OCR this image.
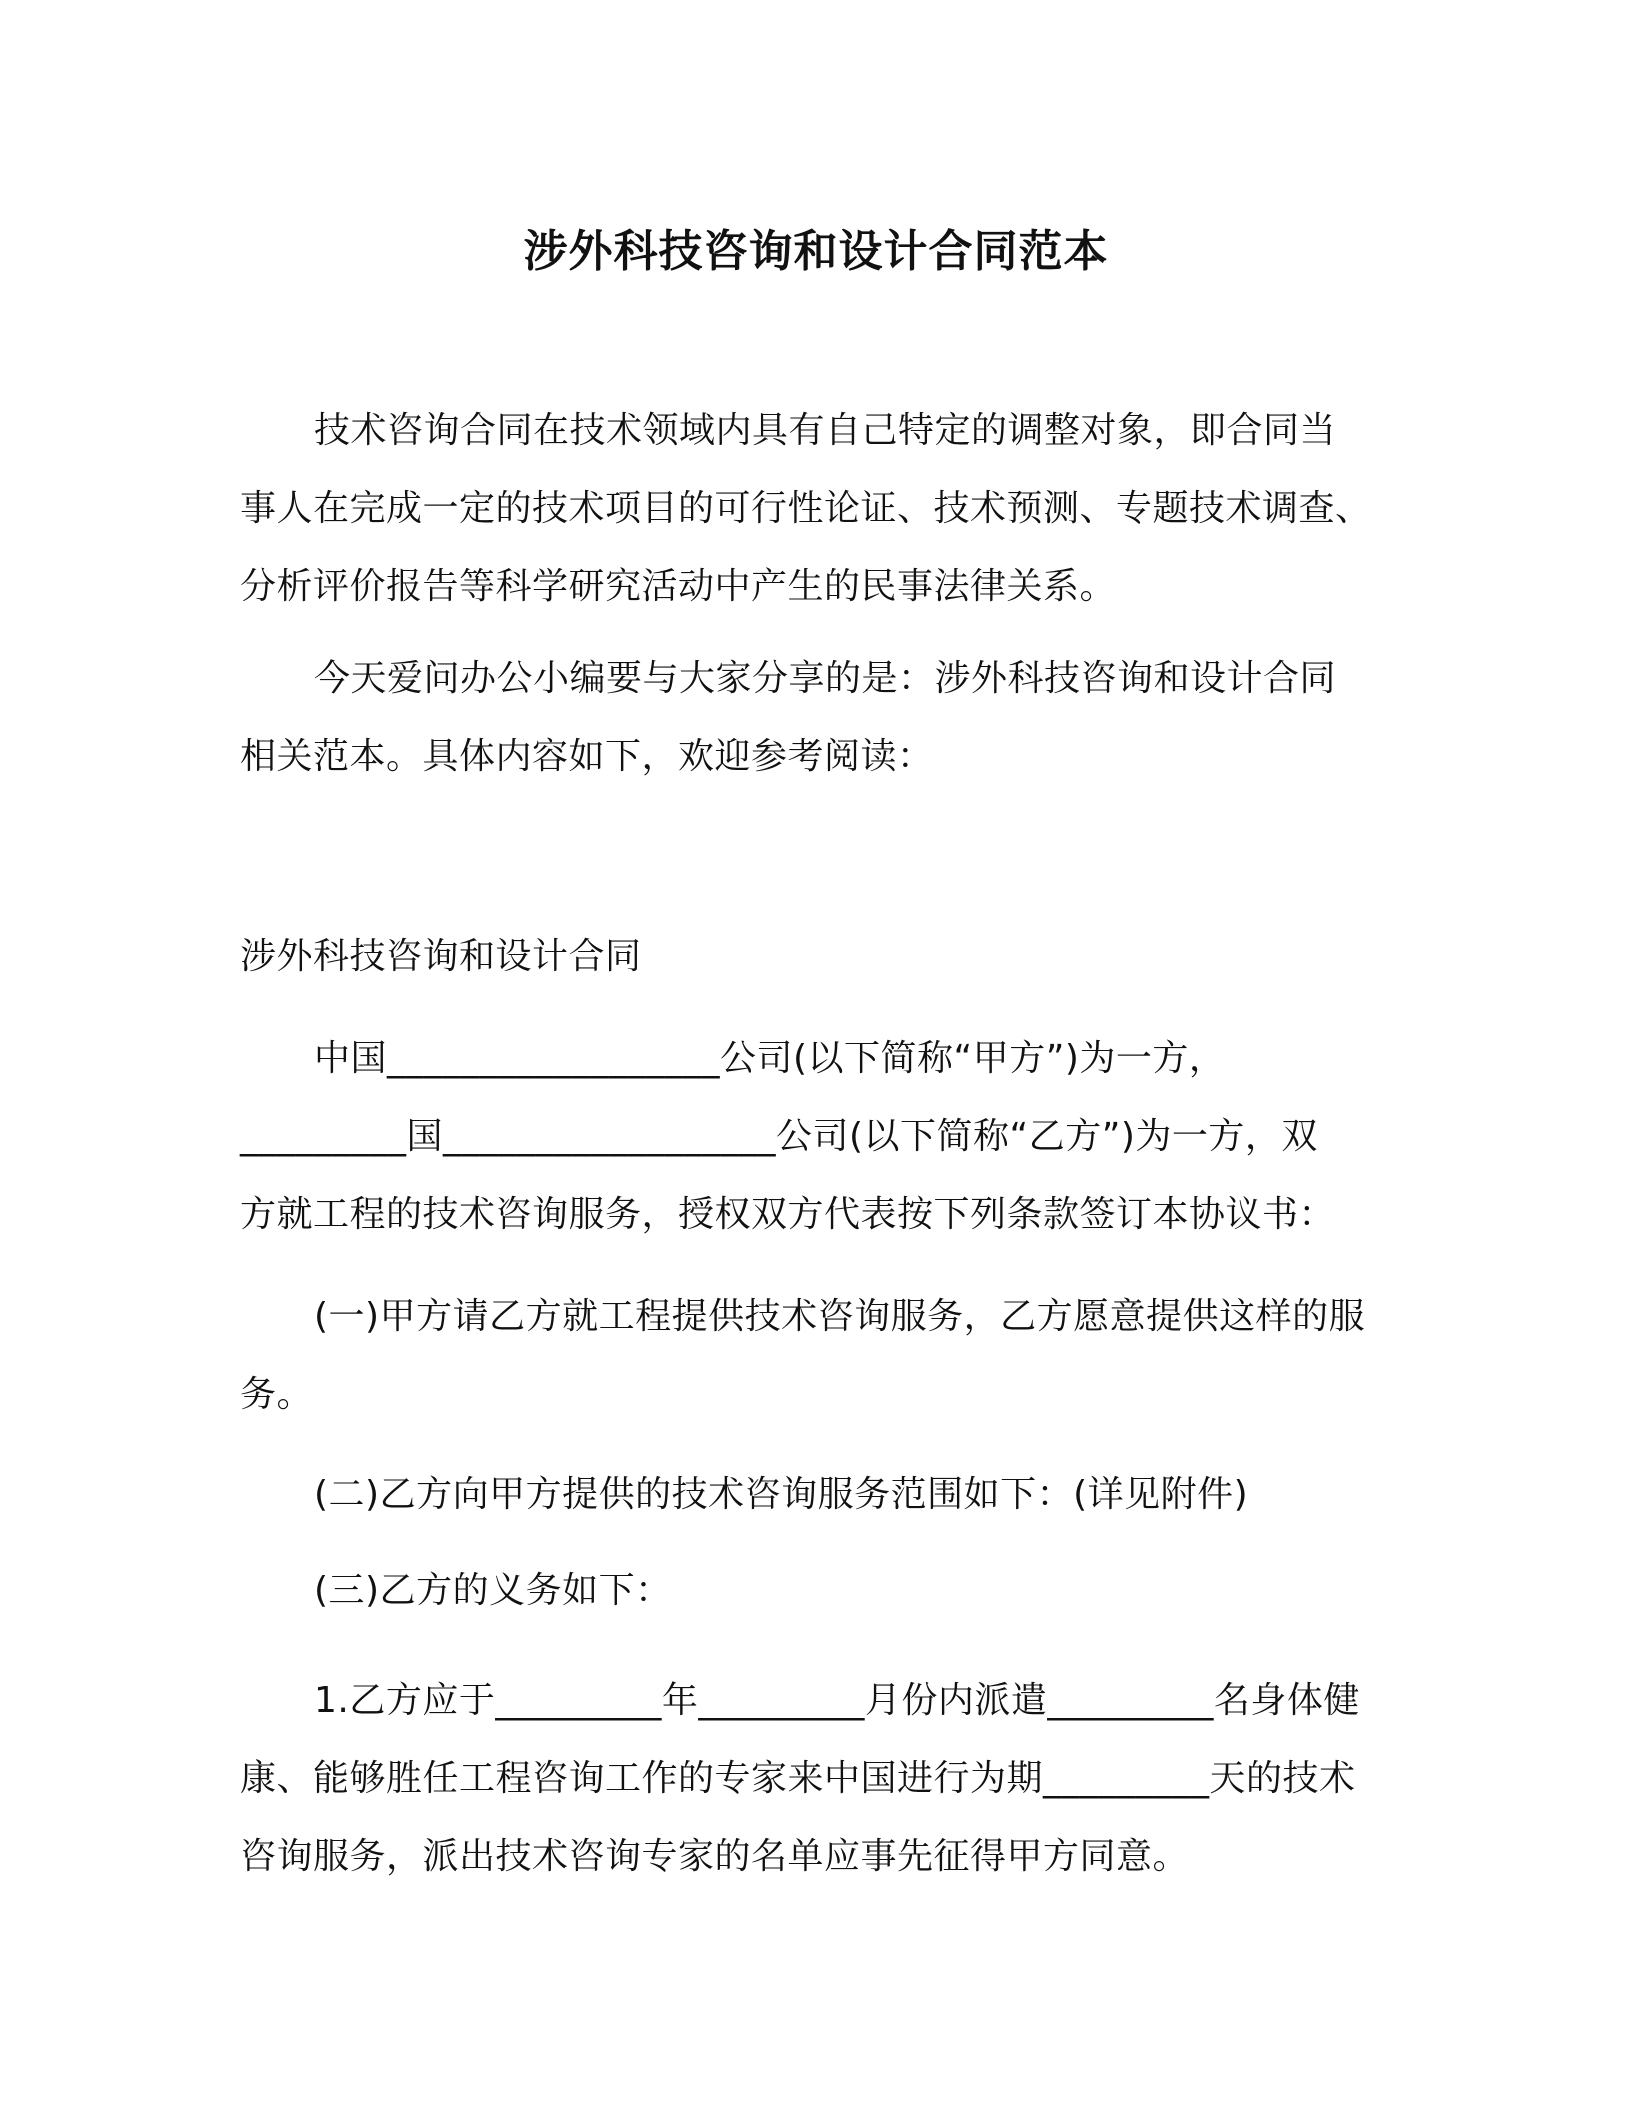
涉外科技咨询和设计合同范本
技术咨询合同在技术领域内具有自己特定的调整对象，即合同当
事人在完成一定的技术项目的可行性论证、技术预测、专题技术调查、
分析评价报告等科学研究活动中产生的民事法律关系。
今天爱问办公小编要与大家分享的是：涉外科技咨询和设计合同
相关范本。具体内容如下，欢迎参考阅读：
涉外科技咨询和设计合同
中国__________________公司(以下简称“甲方”)为一方，
_________国__________________公司(以下简称“乙方”)为一方，双
方就工程的技术咨询服务，授权双方代表按下列条款签订本协议书：
(一)甲方请乙方就工程提供技术咨询服务，乙方愿意提供这样的服
务。
(二)乙方向甲方提供的技术咨询服务范围如下：(详见附件)
(三)乙方的义务如下：
1.乙方应于_________年_________月份内派遣_________名身体健
康、能够胜任工程咨询工作的专家来中国进行为期_________天的技术
咨询服务，派出技术咨询专家的名单应事先征得甲方同意。
